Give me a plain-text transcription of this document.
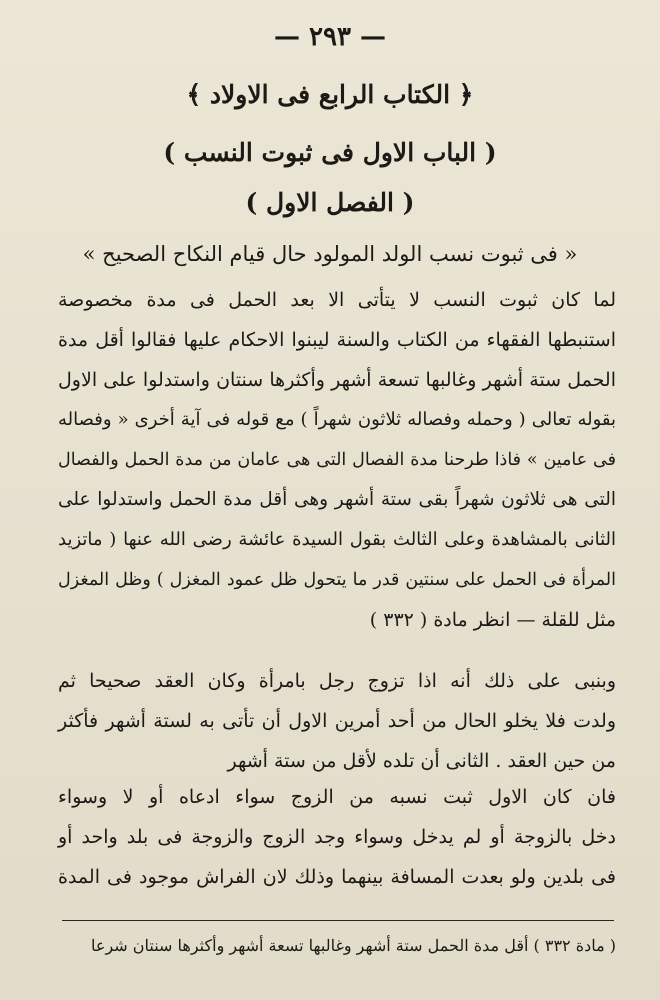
— ٢٩٣ —
﴿ الكتاب الرابع فى الاولاد ﴾
( الباب الاول فى ثبوت النسب )
( الفصل الاول )
« فى ثبوت نسب الولد المولود حال قيام النكاح الصحيح »
لما كان ثبوت النسب لا يتأتى الا بعد الحمل فى مدة مخصوصة
استنبطها الفقهاء من الكتاب والسنة ليبنوا الاحكام عليها فقالوا أقل مدة
الحمل ستة أشهر وغالبها تسعة أشهر وأكثرها سنتان واستدلوا على الاول
بقوله تعالى ( وحمله وفصاله ثلاثون شهراً ) مع قوله فى آية أخرى « وفصاله
فى عامين » فاذا طرحنا مدة الفصال التى هى عامان من مدة الحمل والفصال
التى هى ثلاثون شهراً بقى ستة أشهر وهى أقل مدة الحمل واستدلوا على
الثانى بالمشاهدة وعلى الثالث بقول السيدة عائشة رضى الله عنها ( ماتزيد
المرأة فى الحمل على سنتين قدر ما يتحول ظل عمود المغزل ) وظل المغزل
مثل للقلة — انظر مادة ( ٣٣٢ )
وبنبى على ذلك أنه اذا تزوج رجل بامرأة وكان العقد صحيحا ثم
ولدت فلا يخلو الحال من أحد أمرين الاول أن تأتى به لستة أشهر فأكثر
من حين العقد . الثانى أن تلده لأقل من ستة أشهر
فان كان الاول ثبت نسبه من الزوج سواء ادعاه أو لا وسواء
دخل بالزوجة أو لم يدخل وسواء وجد الزوج والزوجة فى بلد واحد أو
فى بلدين ولو بعدت المسافة بينهما وذلك لان الفراش موجود فى المدة
( مادة ٣٣٢ ) أقل مدة الحمل ستة أشهر وغالبها تسعة أشهر وأكثرها سنتان شرعا
